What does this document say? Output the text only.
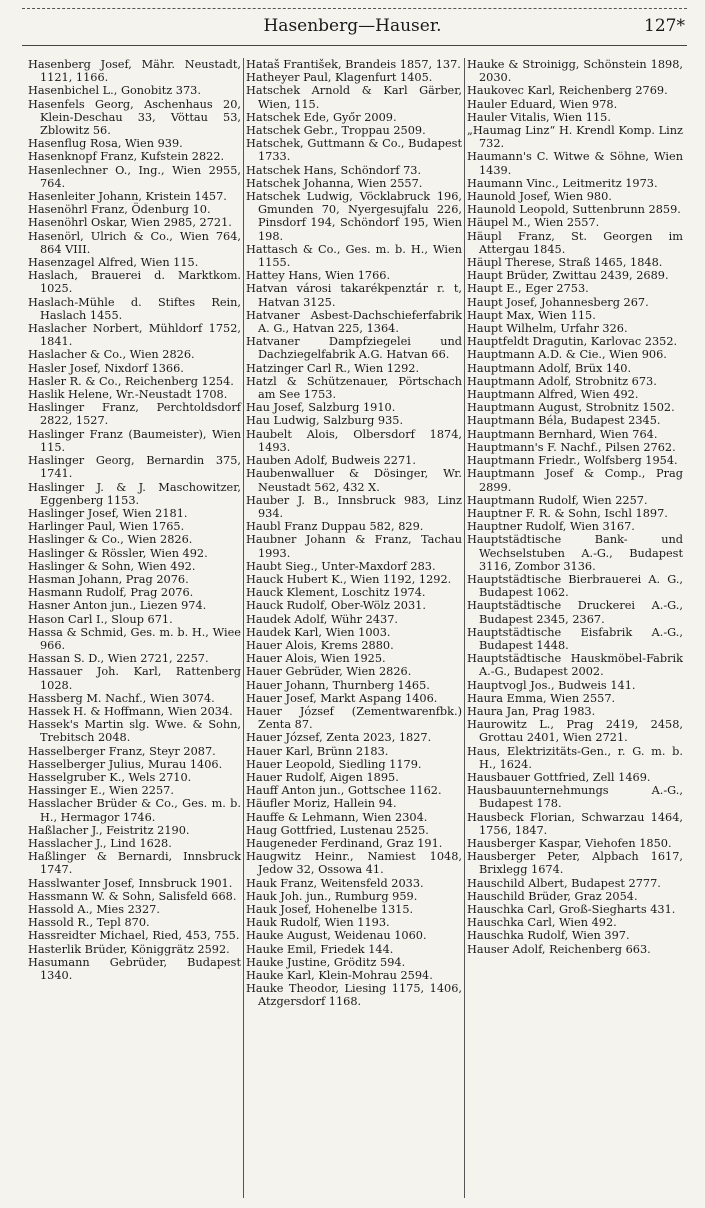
Hasenberg—Hauser.	127*
Hasenberg Josef, Mähr. Neustadt, 1121, 1166.
Hasenbichel L., Gonobitz 373.
Hasenfels Georg, Aschenhaus 20, Klein-Deschau 33, Vöttau 53, Zblowitz 56.
Hasenflug Rosa, Wien 939.
Hasenknopf Franz, Kufstein 2822.
Hasenlechner O., Ing., Wien 2955, 764.
Hasenleiter Johann, Kristein 1457.
Hasenöhrl Franz, Ödenburg 10.
Hasenöhrl Oskar, Wien 2985, 2721.
Hasenörl, Ulrich & Co., Wien 764, 864 VIII.
Hasenzagel Alfred, Wien 115.
Haslach, Brauerei d. Marktkom. 1025.
Haslach-Mühle d. Stiftes Rein, Haslach 1455.
Haslacher Norbert, Mühldorf 1752, 1841.
Haslacher & Co., Wien 2826.
Hasler Josef, Nixdorf 1366.
Hasler R. & Co., Reichenberg 1254.
Haslik Helene, Wr.-Neustadt 1708.
Haslinger Franz, Perchtoldsdorf 2822, 1527.
Haslinger Franz (Baumeister), Wien 115.
Haslinger Georg, Bernardin 375, 1741.
Haslinger J. & J. Maschowitzer, Eggenberg 1153.
Haslinger Josef, Wien 2181.
Harlinger Paul, Wien 1765.
Haslinger & Co., Wien 2826.
Haslinger & Rössler, Wien 492.
Haslinger & Sohn, Wien 492.
Hasman Johann, Prag 2076.
Hasmann Rudolf, Prag 2076.
Hasner Anton jun., Liezen 974.
Hason Carl I., Sloup 671.
Hassa & Schmid, Ges. m. b. H., Wiee 966.
Hassan S. D., Wien 2721, 2257.
Hassauer Joh. Karl, Rattenberg 1028.
Hassberg M. Nachf., Wien 3074.
Hassek H. & Hoffmann, Wien 2034.
Hassek's Martin slg. Wwe. & Sohn, Trebitsch 2048.
Hasselberger Franz, Steyr 2087.
Hasselberger Julius, Murau 1406.
Hasselgruber K., Wels 2710.
Hassinger E., Wien 2257.
Hasslacher Brüder & Co., Ges. m. b. H., Hermagor 1746.
Haßlacher J., Feistritz 2190.
Hasslacher J., Lind 1628.
Haßlinger & Bernardi, Innsbruck 1747.
Hasslwanter Josef, Innsbruck 1901.
Hassmann W. & Sohn, Salisfeld 668.
Hassold A., Mies 2327.
Hassold R., Tepl 870.
Hassreidter Michael, Ried, 453, 755.
Hasterlik Brüder, Königgrätz 2592.
Hasumann Gebrüder, Budapest 1340.
Hataš František, Brandeis 1857, 137.
Hatheyer Paul, Klagenfurt 1405.
Hatschek Arnold & Karl Gärber, Wien, 115.
Hatschek Ede, Győr 2009.
Hatschek Gebr., Troppau 2509.
Hatschek, Guttmann & Co., Budapest 1733.
Hatschek Hans, Schöndorf 73.
Hatschek Johanna, Wien 2557.
Hatschek Ludwig, Vöcklabruck 196, Gmunden 70, Nyergesujfalu 226, Pinsdorf 194, Schöndorf 195, Wien 198.
Hattasch & Co., Ges. m. b. H., Wien 1155.
Hattey Hans, Wien 1766.
Hatvan városi takarékpenztár r. t, Hatvan 3125.
Hatvaner Asbest-Dachschieferfabrik A. G., Hatvan 225, 1364.
Hatvaner Dampfziegelei und Dachziegelfabrik A.G. Hatvan 66.
Hatzinger Carl R., Wien 1292.
Hatzl & Schützenauer, Pörtschach am See 1753.
Hau Josef, Salzburg 1910.
Hau Ludwig, Salzburg 935.
Haubelt Alois, Olbersdorf 1874, 1493.
Hauben Adolf, Budweis 2271.
Haubenwalluer & Dösinger, Wr. Neustadt 562, 432 X.
Hauber J. B., Innsbruck 983, Linz 934.
Haubl Franz Duppau 582, 829.
Haubner Johann & Franz, Tachau 1993.
Haubt Sieg., Unter-Maxdorf 283.
Hauck Hubert K., Wien 1192, 1292.
Hauck Klement, Loschitz 1974.
Hauck Rudolf, Ober-Wölz 2031.
Haudek Adolf, Wühr 2437.
Haudek Karl, Wien 1003.
Hauer Alois, Krems 2880.
Hauer Alois, Wien 1925.
Hauer Gebrüder, Wien 2826.
Hauer Johann, Thurnberg 1465.
Hauer Josef, Markt Aspang 1406.
Hauer József (Zementwarenfbk.) Zenta 87.
Hauer József, Zenta 2023, 1827.
Hauer Karl, Brünn 2183.
Hauer Leopold, Siedling 1179.
Hauer Rudolf, Aigen 1895.
Hauff Anton jun., Gottschee 1162.
Häufler Moriz, Hallein 94.
Hauffe & Lehmann, Wien 2304.
Haug Gottfried, Lustenau 2525.
Haugeneder Ferdinand, Graz 191.
Haugwitz Heinr., Namiest 1048, Jedow 32, Ossowa 41.
Hauk Franz, Weitensfeld 2033.
Hauk Joh. jun., Rumburg 959.
Hauk Josef, Hohenelbe 1315.
Hauk Rudolf, Wien 1193.
Hauke August, Weidenau 1060.
Hauke Emil, Friedek 144.
Hauke Justine, Gröditz 594.
Hauke Karl, Klein-Mohrau 2594.
Hauke Theodor, Liesing 1175, 1406, Atzgersdorf 1168.
Hauke & Stroinigg, Schönstein 1898, 2030.
Haukovec Karl, Reichenberg 2769.
Hauler Eduard, Wien 978.
Hauler Vitalis, Wien 115.
„Haumag Linz“ H. Krendl Komp. Linz 732.
Haumann's C. Witwe & Söhne, Wien 1439.
Haumann Vinc., Leitmeritz 1973.
Haunold Josef, Wien 980.
Haunold Leopold, Suttenbrunn 2859.
Häupel M., Wien 2557.
Häupl Franz, St. Georgen im Attergau 1845.
Häupl Therese, Straß 1465, 1848.
Haupt Brüder, Zwittau 2439, 2689.
Haupt E., Eger 2753.
Haupt Josef, Johannesberg 267.
Haupt Max, Wien 115.
Haupt Wilhelm, Urfahr 326.
Hauptfeldt Dragutin, Karlovac 2352.
Hauptmann A.D. & Cie., Wien 906.
Hauptmann Adolf, Brüx 140.
Hauptmann Adolf, Strobnitz 673.
Hauptmann Alfred, Wien 492.
Hauptmann August, Strobnitz 1502.
Hauptmann Béla, Budapest 2345.
Hauptmann Bernhard, Wien 764.
Hauptmann's F. Nachf., Pilsen 2762.
Hauptmann Friedr., Wolfsberg 1954.
Hauptmann Josef & Comp., Prag 2899.
Hauptmann Rudolf, Wien 2257.
Hauptner F. R. & Sohn, Ischl 1897.
Hauptner Rudolf, Wien 3167.
Hauptstädtische Bank- und Wechselstuben A.-G., Budapest 3116, Zombor 3136.
Hauptstädtische Bierbrauerei A. G., Budapest 1062.
Hauptstädtische Druckerei A.-G., Budapest 2345, 2367.
Hauptstädtische Eisfabrik A.-G., Budapest 1448.
Hauptstädtische Hauskmöbel-Fabrik A.-G., Budapest 2002.
Hauptvogl Jos., Budweis 141.
Haura Emma, Wien 2557.
Haura Jan, Prag 1983.
Haurowitz L., Prag 2419, 2458, Grottau 2401, Wien 2721.
Haus, Elektrizitäts-Gen., r. G. m. b. H., 1624.
Hausbauer Gottfried, Zell 1469.
Hausbauunternehmungs A.-G., Budapest 178.
Hausbeck Florian, Schwarzau 1464, 1756, 1847.
Hausberger Kaspar, Viehofen 1850.
Hausberger Peter, Alpbach 1617, Brixlegg 1674.
Hauschild Albert, Budapest 2777.
Hauschild Brüder, Graz 2054.
Hauschka Carl, Groß-Siegharts 431.
Hauschka Carl, Wien 492.
Hauschka Rudolf, Wien 397.
Hauser Adolf, Reichenberg 663.
